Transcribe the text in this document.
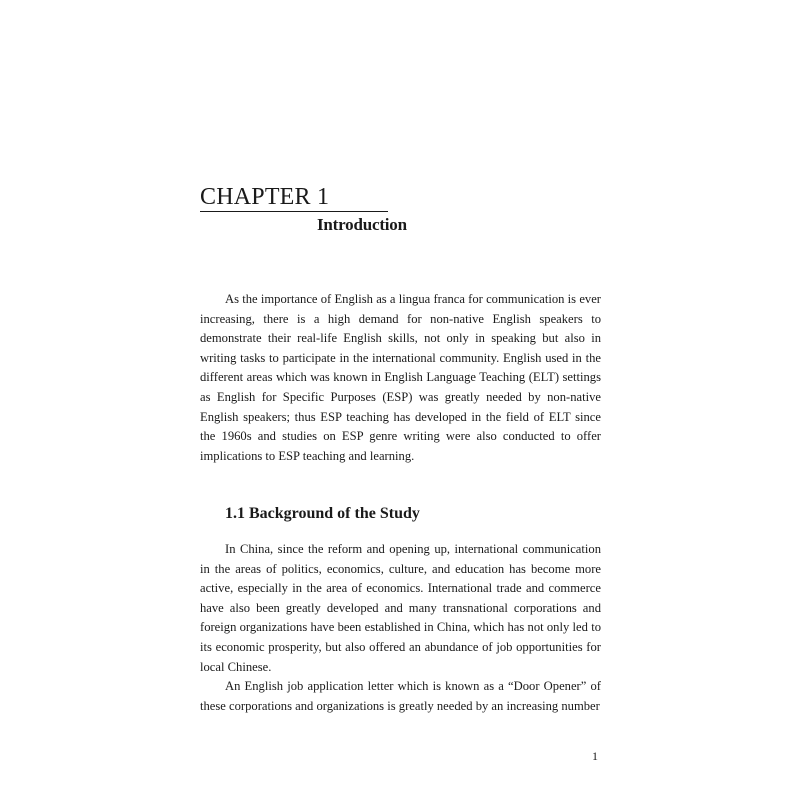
CHAPTER 1
Introduction

As the importance of English as a lingua franca for communication is ever increasing, there is a high demand for non-native English speakers to demonstrate their real-life English skills, not only in speaking but also in writing tasks to participate in the international community. English used in the different areas which was known in English Language Teaching (ELT) settings as English for Specific Purposes (ESP) was greatly needed by non-native English speakers; thus ESP teaching has developed in the field of ELT since the 1960s and studies on ESP genre writing were also conducted to offer implications to ESP teaching and learning.

1.1 Background of the Study

In China, since the reform and opening up, international communication in the areas of politics, economics, culture, and education has become more active, especially in the area of economics. International trade and commerce have also been greatly developed and many transnational corporations and foreign organizations have been established in China, which has not only led to its economic prosperity, but also offered an abundance of job opportunities for local Chinese.

An English job application letter which is known as a “Door Opener” of these corporations and organizations is greatly needed by an increasing number

1
